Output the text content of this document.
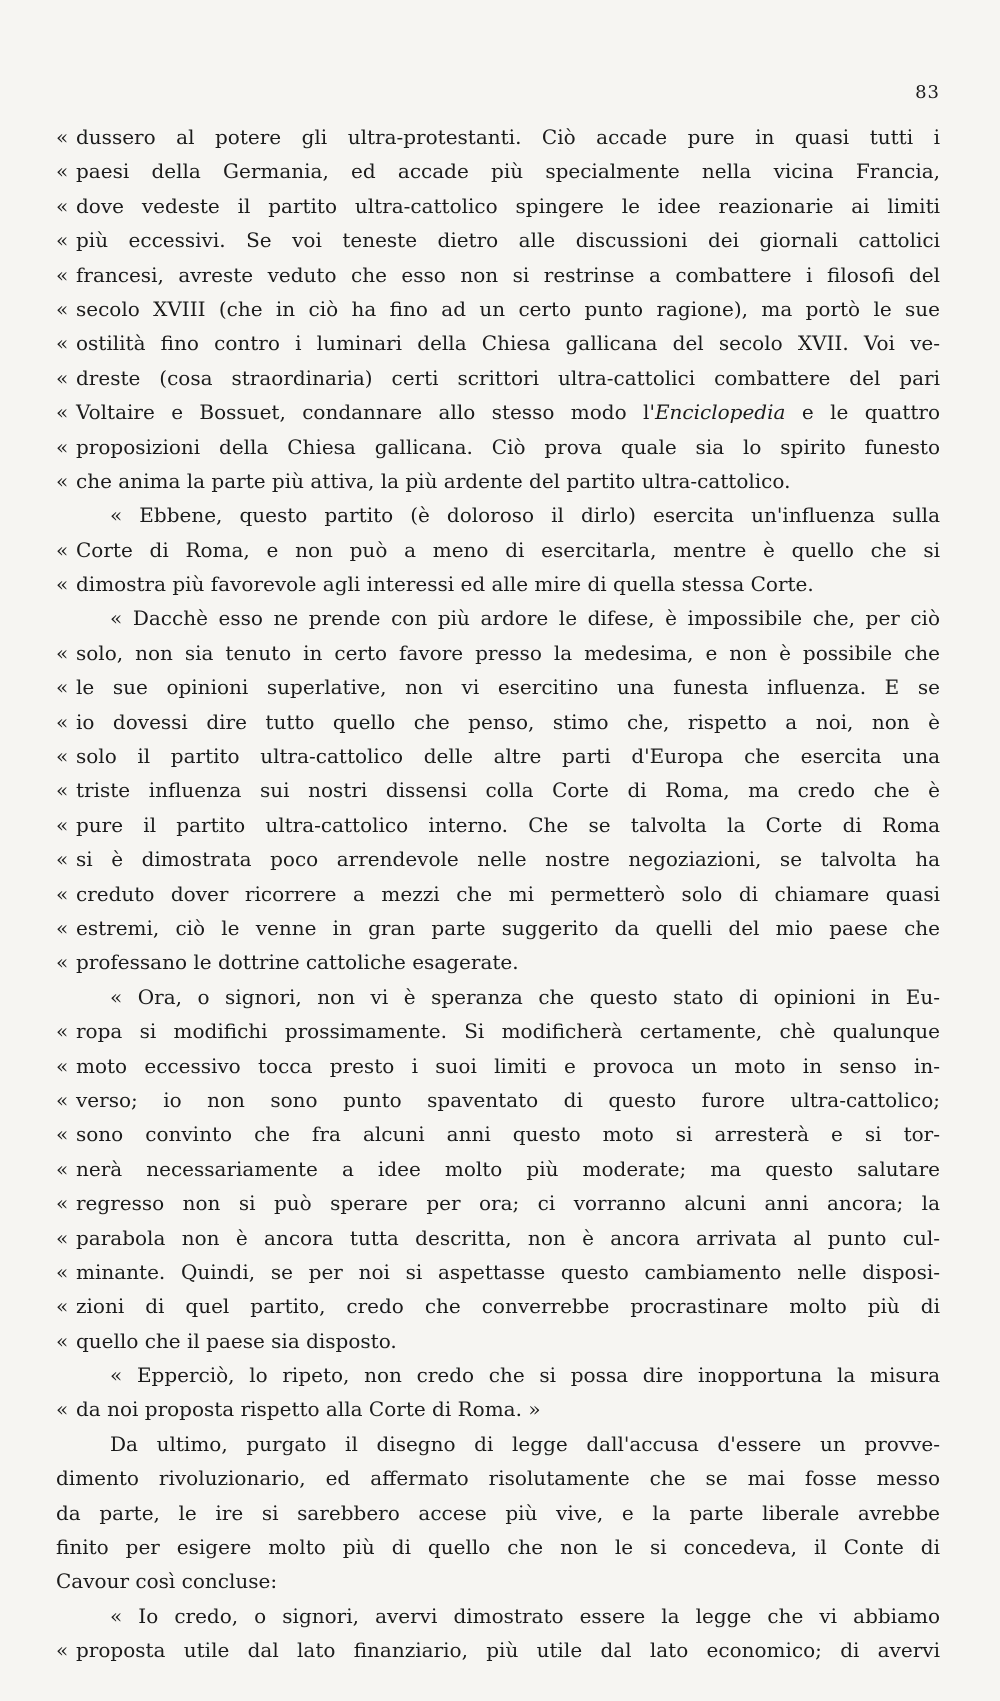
83
« dussero al potere gli ultra-protestanti. Ciò accade pure in quasi tutti i
« paesi della Germania, ed accade più specialmente nella vicina Francia,
« dove vedeste il partito ultra-cattolico spingere le idee reazionarie ai limiti
« più eccessivi. Se voi teneste dietro alle discussioni dei giornali cattolici
« francesi, avreste veduto che esso non si restrinse a combattere i filosofi del
« secolo XVIII (che in ciò ha fino ad un certo punto ragione), ma portò le sue
« ostilità fino contro i luminari della Chiesa gallicana del secolo XVII. Voi ve-
« dreste (cosa straordinaria) certi scrittori ultra-cattolici combattere del pari
« Voltaire e Bossuet, condannare allo stesso modo l'Enciclopedia e le quattro
« proposizioni della Chiesa gallicana. Ciò prova quale sia lo spirito funesto
« che anima la parte più attiva, la più ardente del partito ultra-cattolico.
« Ebbene, questo partito (è doloroso il dirlo) esercita un'influenza sulla
« Corte di Roma, e non può a meno di esercitarla, mentre è quello che si
« dimostra più favorevole agli interessi ed alle mire di quella stessa Corte.
« Dacchè esso ne prende con più ardore le difese, è impossibile che, per ciò
« solo, non sia tenuto in certo favore presso la medesima, e non è possibile che
« le sue opinioni superlative, non vi esercitino una funesta influenza. E se
« io dovessi dire tutto quello che penso, stimo che, rispetto a noi, non è
« solo il partito ultra-cattolico delle altre parti d'Europa che esercita una
« triste influenza sui nostri dissensi colla Corte di Roma, ma credo che è
« pure il partito ultra-cattolico interno. Che se talvolta la Corte di Roma
« si è dimostrata poco arrendevole nelle nostre negoziazioni, se talvolta ha
« creduto dover ricorrere a mezzi che mi permetterò solo di chiamare quasi
« estremi, ciò le venne in gran parte suggerito da quelli del mio paese che
« professano le dottrine cattoliche esagerate.
« Ora, o signori, non vi è speranza che questo stato di opinioni in Eu-
« ropa si modifichi prossimamente. Si modificherà certamente, chè qualunque
« moto eccessivo tocca presto i suoi limiti e provoca un moto in senso in-
« verso; io non sono punto spaventato di questo furore ultra-cattolico;
« sono convinto che fra alcuni anni questo moto si arresterà e si tor-
« nerà necessariamente a idee molto più moderate; ma questo salutare
« regresso non si può sperare per ora; ci vorranno alcuni anni ancora; la
« parabola non è ancora tutta descritta, non è ancora arrivata al punto cul-
« minante. Quindi, se per noi si aspettasse questo cambiamento nelle disposi-
« zioni di quel partito, credo che converrebbe procrastinare molto più di
« quello che il paese sia disposto.
« Epperciò, lo ripeto, non credo che si possa dire inopportuna la misura
« da noi proposta rispetto alla Corte di Roma. »
Da ultimo, purgato il disegno di legge dall'accusa d'essere un provve-
dimento rivoluzionario, ed affermato risolutamente che se mai fosse messo
da parte, le ire si sarebbero accese più vive, e la parte liberale avrebbe
finito per esigere molto più di quello che non le si concedeva, il Conte di
Cavour così concluse:
« Io credo, o signori, avervi dimostrato essere la legge che vi abbiamo
« proposta utile dal lato finanziario, più utile dal lato economico; di avervi
